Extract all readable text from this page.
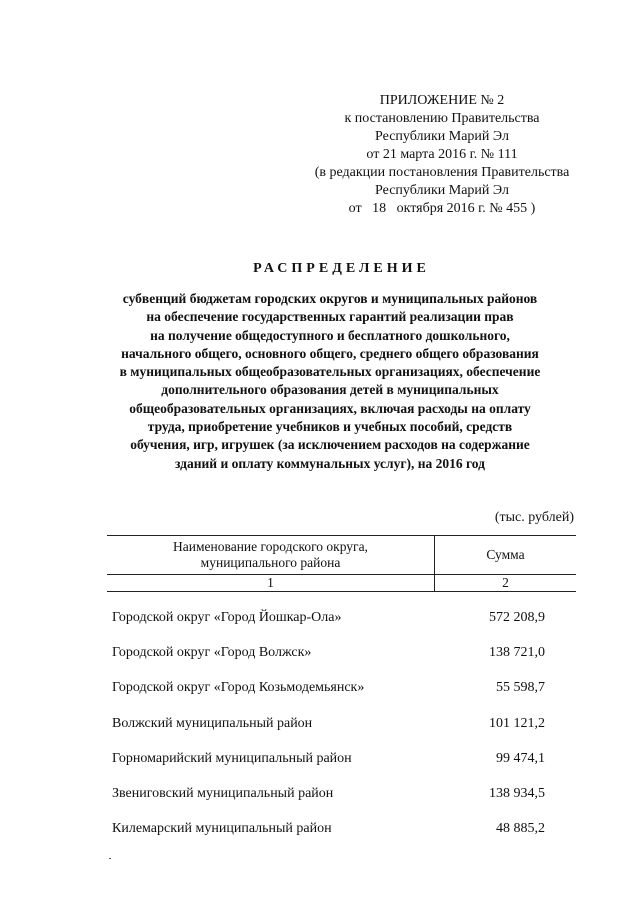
ПРИЛОЖЕНИЕ № 2
к постановлению Правительства
Республики Марий Эл
от 21 марта 2016 г. № 111
(в редакции постановления Правительства
Республики Марий Эл
от   18   октября 2016 г. № 455 )
РАСПРЕДЕЛЕНИЕ
субвенций бюджетам городских округов и муниципальных районов
на обеспечение государственных гарантий реализации прав
на получение общедоступного и бесплатного дошкольного,
начального общего, основного общего, среднего общего образования
в муниципальных общеобразовательных организациях, обеспечение
дополнительного образования детей в муниципальных
общеобразовательных организациях, включая расходы на оплату
труда, приобретение учебников и учебных пособий, средств
обучения, игр, игрушек (за исключением расходов на содержание
зданий и оплату коммунальных услуг), на 2016 год
(тыс. рублей)
Наименование городского округа,
муниципального района	Сумма
1	2
Городской округ «Город Йошкар-Ола»	572 208,9
Городской округ «Город Волжск»	138 721,0
Городской округ «Город Козьмодемьянск»	55 598,7
Волжский муниципальный район	101 121,2
Горномарийский муниципальный район	99 474,1
Звениговский муниципальный район	138 934,5
Килемарский муниципальный район	48 885,2
